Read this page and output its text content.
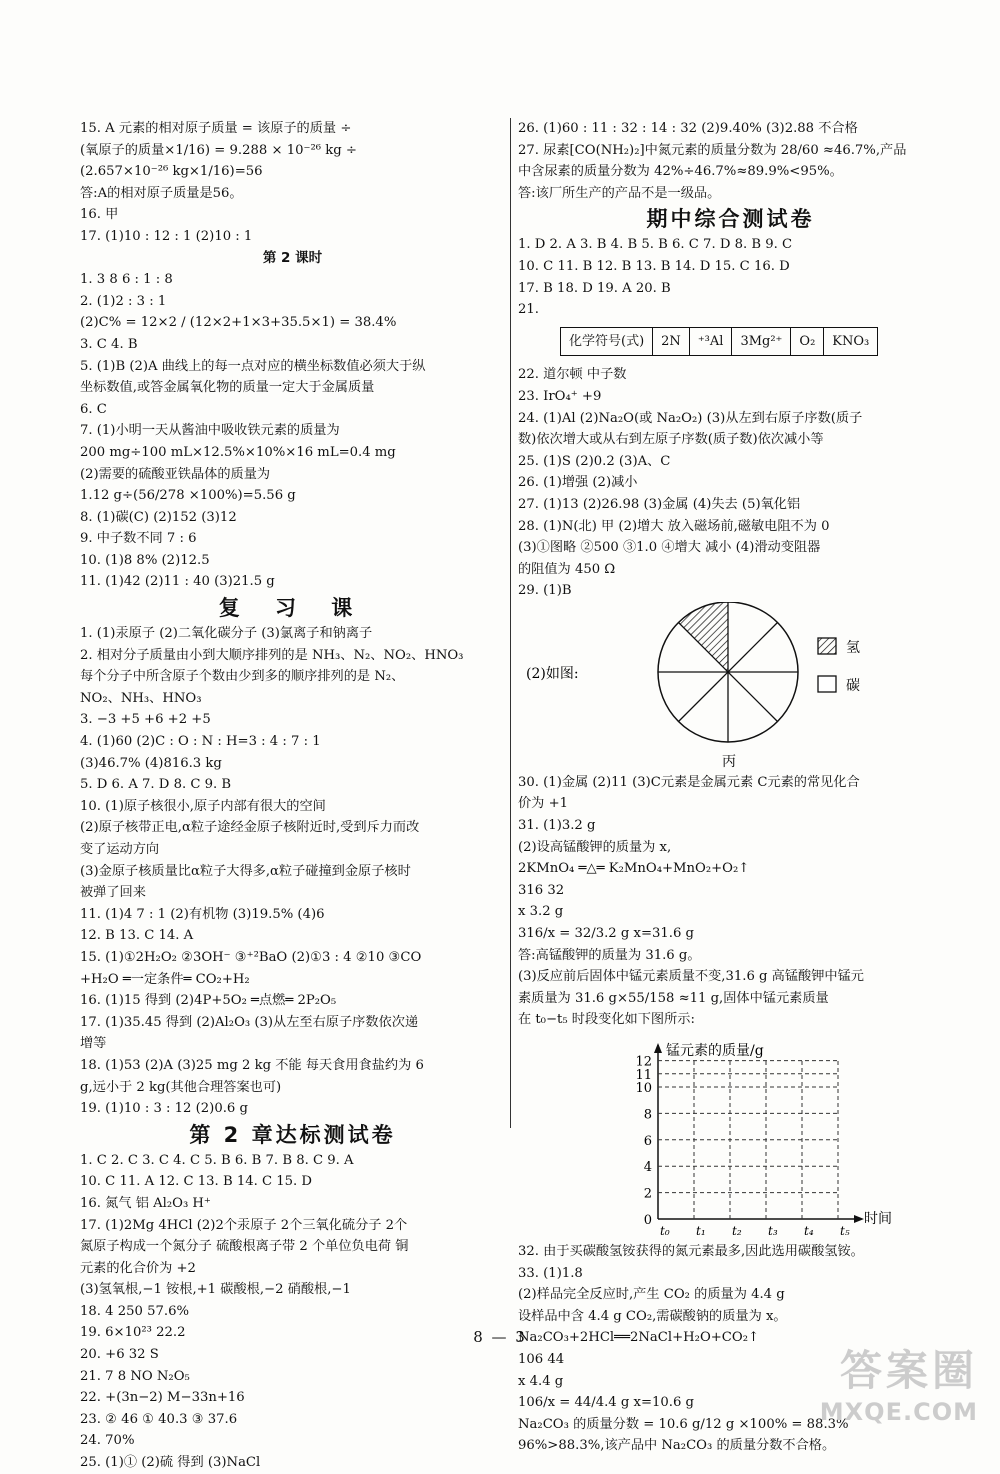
15. A 元素的相对原子质量 = 该原子的质量 ÷
(氧原子的质量×1/16) = 9.288 × 10⁻²⁶ kg ÷
(2.657×10⁻²⁶ kg×1/16)=56
答:A的相对原子质量是56。
16. 甲
17. (1)10 : 12 : 1 (2)10 : 1
第 2 课时
1. 3 8 6 : 1 : 8
2. (1)2 : 3 : 1
(2)C% = 12×2 / (12×2+1×3+35.5×1) = 38.4%
3. C 4. B
5. (1)B (2)A 曲线上的每一点对应的横坐标数值必须大于纵
坐标数值,或答金属氧化物的质量一定大于金属质量
6. C
7. (1)小明一天从酱油中吸收铁元素的质量为
200 mg÷100 mL×12.5%×10%×16 mL=0.4 mg
(2)需要的硫酸亚铁晶体的质量为
1.12 g÷(56/278 ×100%)=5.56 g
8. (1)碳(C) (2)152 (3)12
9. 中子数不同 7 : 6
10. (1)8 8% (2)12.5
11. (1)42 (2)11 : 40 (3)21.5 g
复 习 课
1. (1)汞原子 (2)二氧化碳分子 (3)氯离子和钠离子
2. 相对分子质量由小到大顺序排列的是 NH₃、N₂、NO₂、HNO₃
每个分子中所含原子个数由少到多的顺序排列的是 N₂、
NO₂、NH₃、HNO₃
3. −3 +5 +6 +2 +5
4. (1)60 (2)C : O : N : H=3 : 4 : 7 : 1
(3)46.7% (4)816.3 kg
5. D 6. A 7. D 8. C 9. B
10. (1)原子核很小,原子内部有很大的空间
(2)原子核带正电,α粒子途经金原子核附近时,受到斥力而改
变了运动方向
(3)金原子核质量比α粒子大得多,α粒子碰撞到金原子核时
被弹了回来
11. (1)4 7 : 1 (2)有机物 (3)19.5% (4)6
12. B 13. C 14. A
15. (1)①2H₂O₂ ②3OH⁻ ③⁺²BaO (2)①3 : 4 ②10 ③CO
+H₂O ═一定条件═ CO₂+H₂
16. (1)15 得到 (2)4P+5O₂ ═点燃═ 2P₂O₅
17. (1)35.45 得到 (2)Al₂O₃ (3)从左至右原子序数依次递
增等
18. (1)53 (2)A (3)25 mg 2 kg 不能 每天食用食盐约为 6
g,远小于 2 kg(其他合理答案也可)
19. (1)10 : 3 : 12 (2)0.6 g
第 2 章达标测试卷
1. C 2. C 3. C 4. C 5. B 6. B 7. B 8. C 9. A
10. C 11. A 12. C 13. B 14. C 15. D
16. 氮气 铝 Al₂O₃ H⁺
17. (1)2Mg 4HCl (2)2个汞原子 2个三氧化硫分子 2个
氮原子构成一个氮分子 硫酸根离子带 2 个单位负电荷 铜
元素的化合价为 +2
(3)氢氧根,−1 铵根,+1 碳酸根,−2 硝酸根,−1
18. 4 250 57.6%
19. 6×10²³ 22.2
20. +6 32 S
21. 7 8 NO N₂O₅
22. +(3n−2) M−33n+16
23. ② 46 ① 40.3 ③ 37.6
24. 70%
25. (1)① (2)硫 得到 (3)NaCl
26. (1)60 : 11 : 32 : 14 : 32 (2)9.40% (3)2.88 不合格
27. 尿素[CO(NH₂)₂]中氮元素的质量分数为 28/60 ≈46.7%,产品
中含尿素的质量分数为 42%÷46.7%≈89.9%<95%。
答:该厂所生产的产品不是一级品。
期中综合测试卷
1. D 2. A 3. B 4. B 5. B 6. C 7. D 8. B 9. C
10. C 11. B 12. B 13. B 14. D 15. C 16. D
17. B 18. D 19. A 20. B
21.
化学符号(式)	2N	⁺³Al	3Mg²⁺	O₂	KNO₃
22. 道尔顿 中子数
23. IrO₄⁺ +9
24. (1)Al (2)Na₂O(或 Na₂O₂) (3)从左到右原子序数(质子
数)依次增大或从右到左原子序数(质子数)依次减小等
25. (1)S (2)0.2 (3)A、C
26. (1)增强 (2)减小
27. (1)13 (2)26.98 (3)金属 (4)失去 (5)氧化铝
28. (1)N(北) 甲 (2)增大 放入磁场前,磁敏电阻不为 0
(3)①图略 ②500 ③1.0 ④增大 减小 (4)滑动变阻器
的阻值为 450 Ω
29. (1)B
(2)如图:
氢
碳
丙
30. (1)金属 (2)11 (3)C元素是金属元素 C元素的常见化合
价为 +1
31. (1)3.2 g
(2)设高锰酸钾的质量为 x,
2KMnO₄ ═△═ K₂MnO₄+MnO₂+O₂↑
316 32
x 3.2 g
316/x = 32/3.2 g x=31.6 g
答:高锰酸钾的质量为 31.6 g。
(3)反应前后固体中锰元素质量不变,31.6 g 高锰酸钾中锰元
素质量为 31.6 g×55/158 ≈11 g,固体中锰元素质量
在 t₀−t₅ 时段变化如下图所示:
锰元素的质量/g
0
2
4
6
8
10
11
12
t₀ t₁ t₂ t₃ t₄ t₅
时间
32. 由于买碳酸氢铵获得的氮元素最多,因此选用碳酸氢铵。
33. (1)1.8
(2)样品完全反应时,产生 CO₂ 的质量为 4.4 g
设样品中含 4.4 g CO₂,需碳酸钠的质量为 x。
Na₂CO₃+2HCl══2NaCl+H₂O+CO₂↑
106 44
x 4.4 g
106/x = 44/4.4 g x=10.6 g
Na₂CO₃ 的质量分数 = 10.6 g/12 g ×100% = 88.3%
96%>88.3%,该产品中 Na₂CO₃ 的质量分数不合格。
8 — 3
答案圈
MXQE.COM
